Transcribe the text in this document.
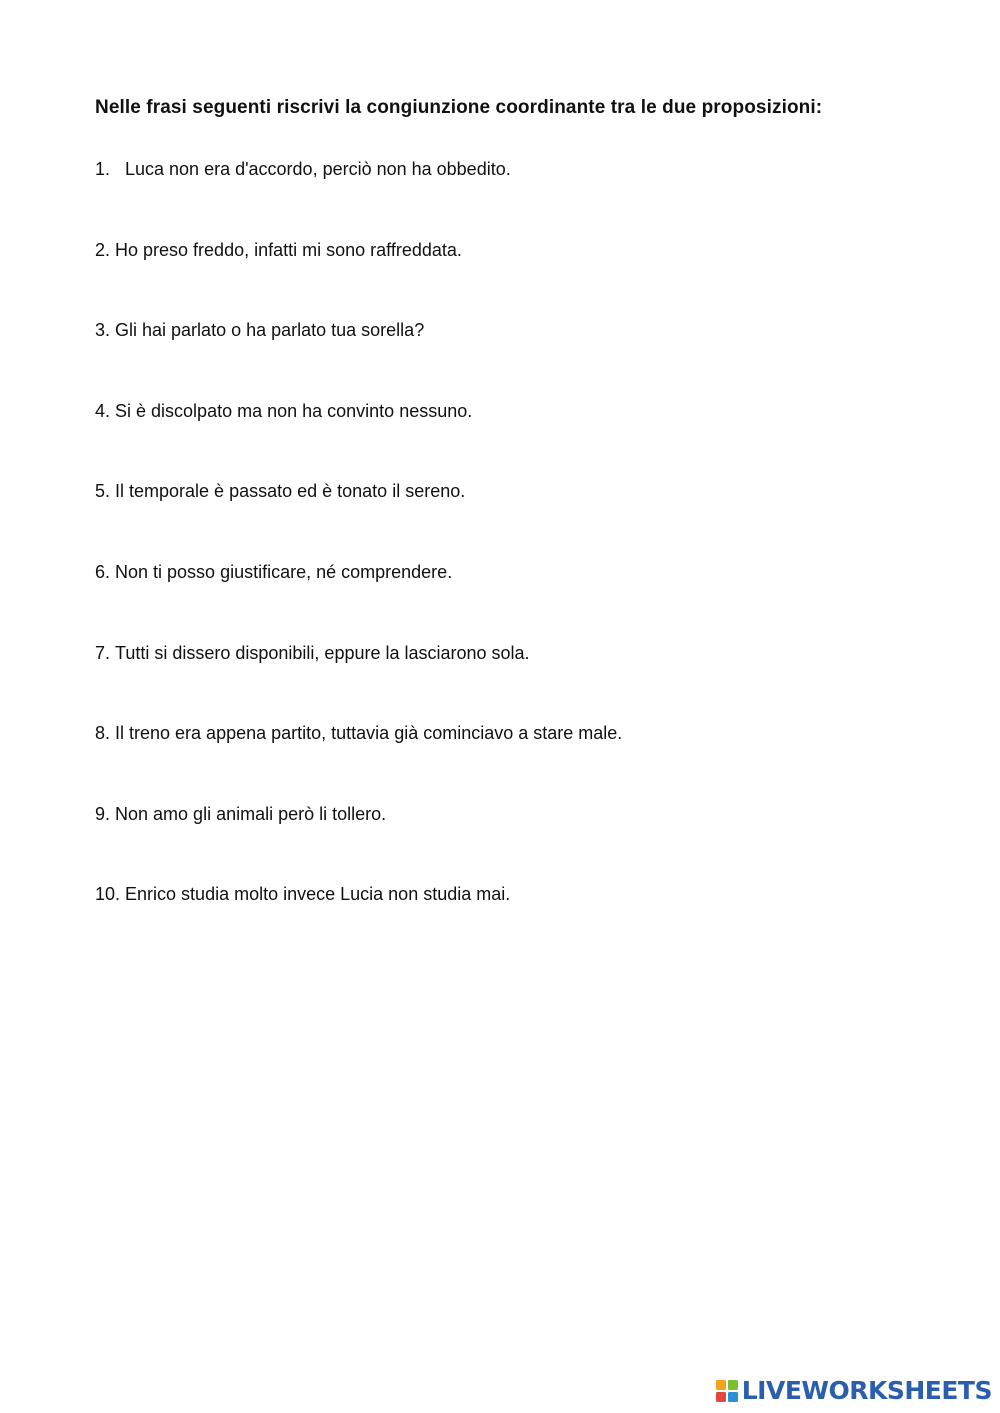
Nelle frasi seguenti riscrivi la congiunzione coordinante tra le due proposizioni:
1. Luca non era d'accordo, perciò non ha obbedito.
2. Ho preso freddo, infatti mi sono raffreddata.
3. Gli hai parlato o ha parlato tua sorella?
4. Si è discolpato ma non ha convinto nessuno.
5. Il temporale è passato ed è tonato il sereno.
6. Non ti posso giustificare, né comprendere.
7. Tutti si dissero disponibili, eppure la lasciarono sola.
8. Il treno era appena partito, tuttavia già cominciavo a stare male.
9. Non amo gli animali però li tollero.
10. Enrico studia molto invece Lucia non studia mai.
LIVEWORKSHEETS
